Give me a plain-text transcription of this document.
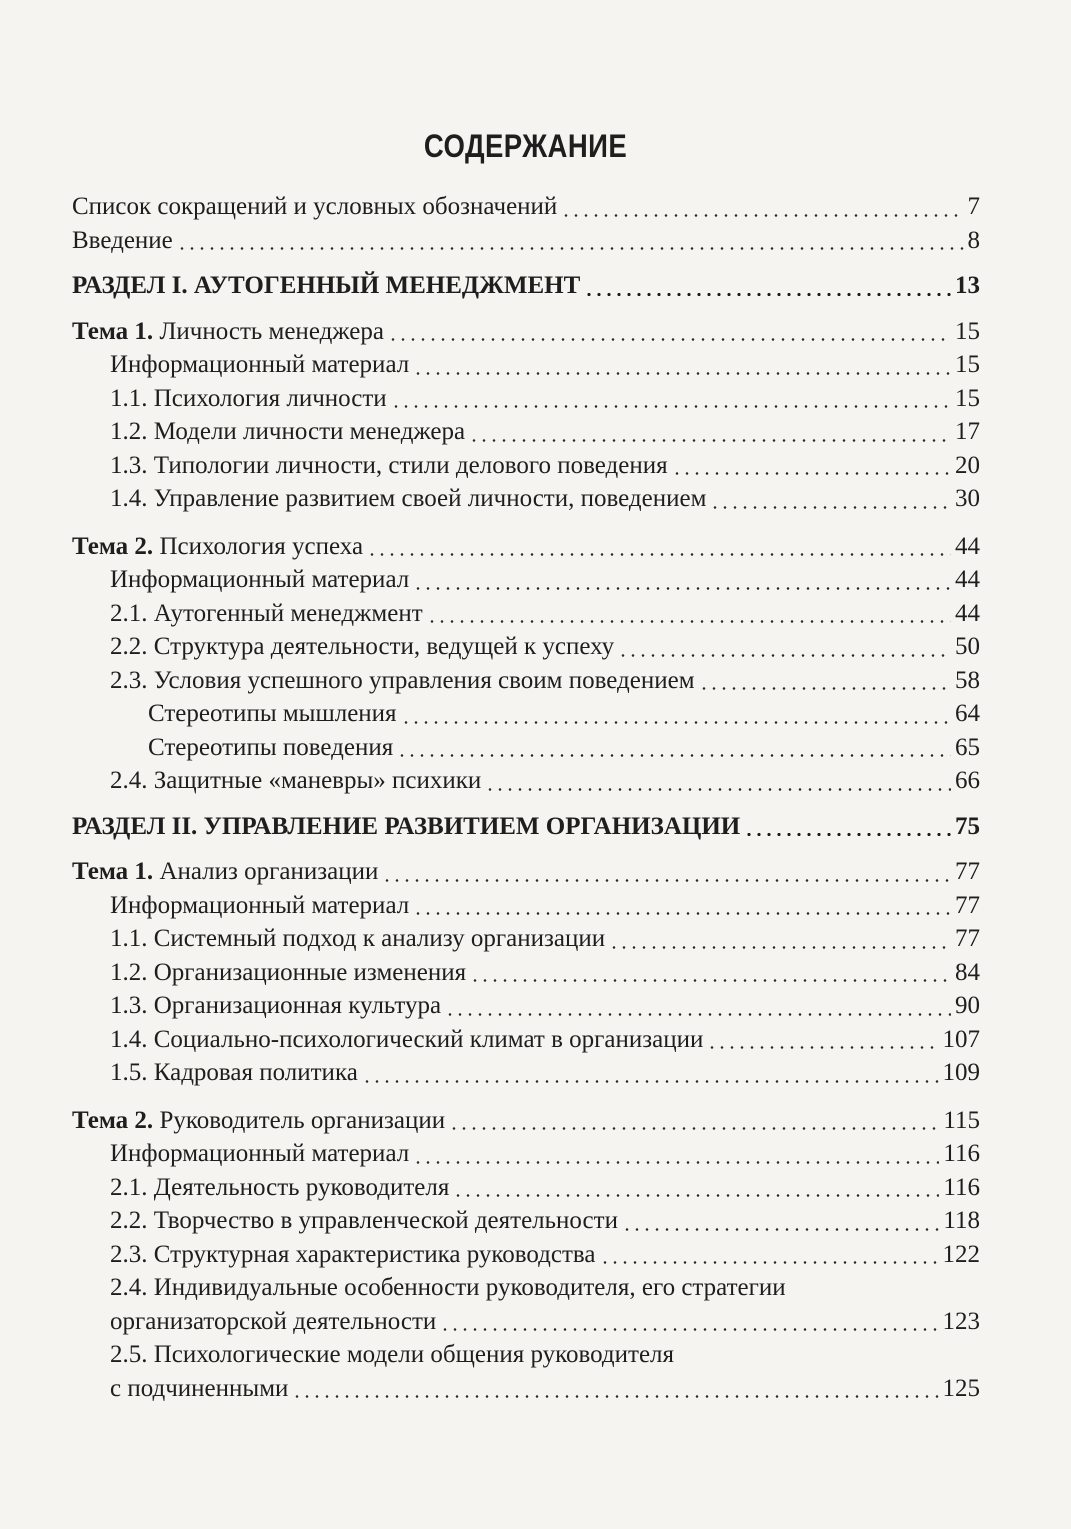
СОДЕРЖАНИЕ
Список сокращений и условных обозначений	7
Введение	8
РАЗДЕЛ I. АУТОГЕННЫЙ МЕНЕДЖМЕНТ	13
Тема 1. Личность менеджера	15
Информационный материал	15
1.1. Психология личности	15
1.2. Модели личности менеджера	17
1.3. Типологии личности, стили делового поведения	20
1.4. Управление развитием своей личности, поведением	30
Тема 2. Психология успеха	44
Информационный материал	44
2.1. Аутогенный менеджмент	44
2.2. Структура деятельности, ведущей к успеху	50
2.3. Условия успешного управления своим поведением	58
Стереотипы мышления	64
Стереотипы поведения	65
2.4. Защитные «маневры» психики	66
РАЗДЕЛ II. УПРАВЛЕНИЕ РАЗВИТИЕМ ОРГАНИЗАЦИИ	75
Тема 1. Анализ организации	77
Информационный материал	77
1.1. Системный подход к анализу организации	77
1.2. Организационные изменения	84
1.3. Организационная культура	90
1.4. Социально-психологический климат в организации	107
1.5. Кадровая политика	109
Тема 2. Руководитель организации	115
Информационный материал	116
2.1. Деятельность руководителя	116
2.2. Творчество в управленческой деятельности	118
2.3. Структурная характеристика руководства	122
2.4. Индивидуальные особенности руководителя, его стратегии
организаторской деятельности	123
2.5. Психологические модели общения руководителя
с подчиненными	125
